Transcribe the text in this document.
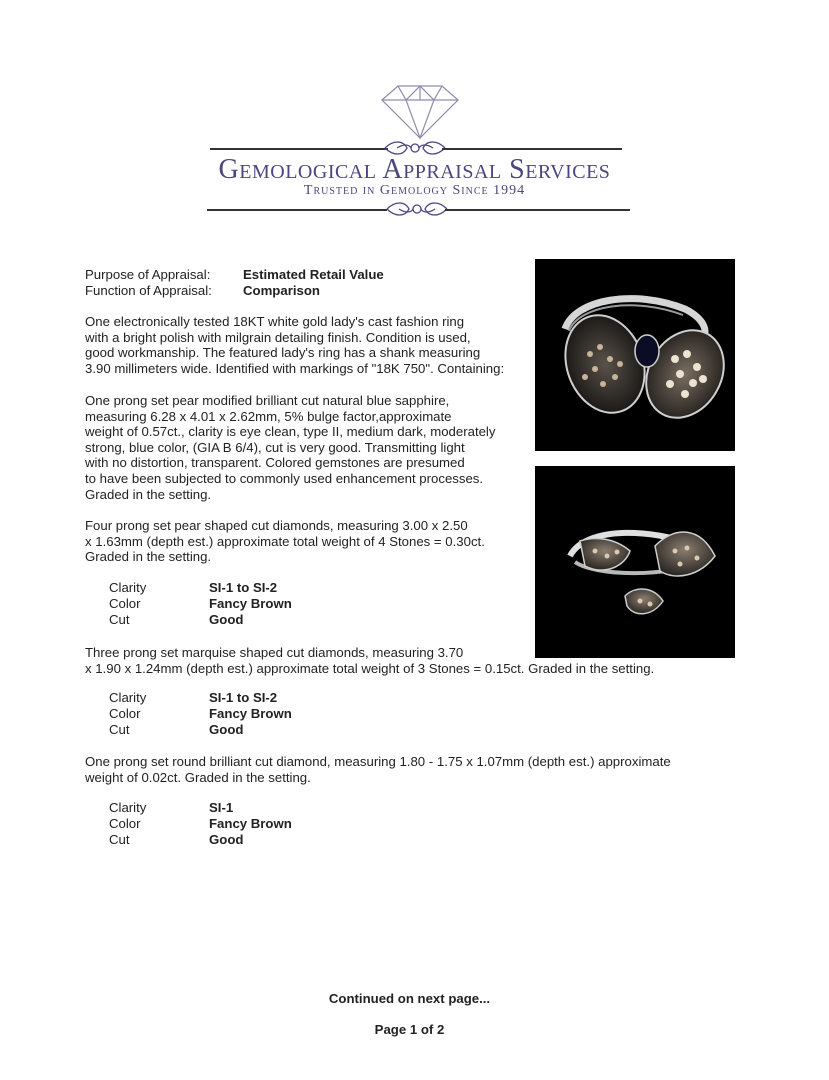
Gemological Appraisal Services
Trusted in Gemology Since 1994
Purpose of Appraisal: Estimated Retail Value
Function of Appraisal: Comparison
One electronically tested 18KT white gold lady's cast fashion ring
with a bright polish with milgrain detailing finish. Condition is used,
good workmanship. The featured lady's ring has a shank measuring
3.90 millimeters wide. Identified with markings of "18K 750". Containing:
One prong set pear modified brilliant cut natural blue sapphire,
measuring 6.28 x 4.01 x 2.62mm, 5% bulge factor,approximate
weight of 0.57ct., clarity is eye clean, type II, medium dark, moderately
strong, blue color, (GIA B 6/4), cut is very good. Transmitting light
with no distortion, transparent. Colored gemstones are presumed
to have been subjected to commonly used enhancement processes.
Graded in the setting.
Four prong set pear shaped cut diamonds, measuring 3.00 x 2.50
x 1.63mm (depth est.) approximate total weight of 4 Stones = 0.30ct.
Graded in the setting.
Clarity	SI-1 to SI-2
Color	Fancy Brown
Cut	Good
Three prong set marquise shaped cut diamonds, measuring 3.70
x 1.90 x 1.24mm (depth est.) approximate total weight of 3 Stones = 0.15ct. Graded in the setting.
Clarity	SI-1 to SI-2
Color	Fancy Brown
Cut	Good
One prong set round brilliant cut diamond, measuring 1.80 - 1.75 x 1.07mm (depth est.) approximate
weight of 0.02ct. Graded in the setting.
Clarity	SI-1
Color	Fancy Brown
Cut	Good
Continued on next page...
Page 1 of 2
